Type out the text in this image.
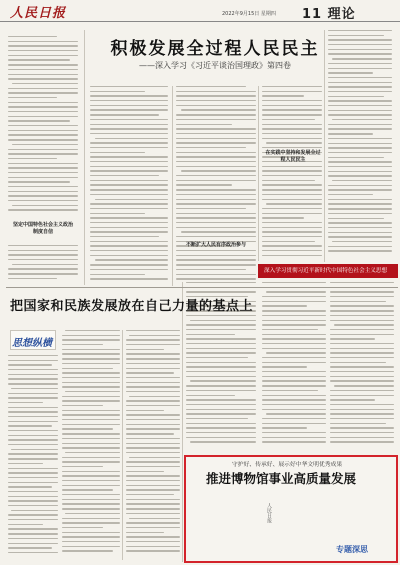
人民日报	2022年9月15日 星期四 11 理论
积极发展全过程人民民主
——深入学习《习近平谈治国理政》第四卷
坚定中国特色社会主义政治制度自信
在实践中坚持和发展全过程人民民主
不断扩大人民有序政治参与
深入学习贯彻习近平新时代中国特色社会主义思想
把国家和民族发展放在自己力量的基点上
思想纵横
守护好、传承好、展示好中华文明优秀成果
推进博物馆事业高质量发展
人民日报
专题深思
